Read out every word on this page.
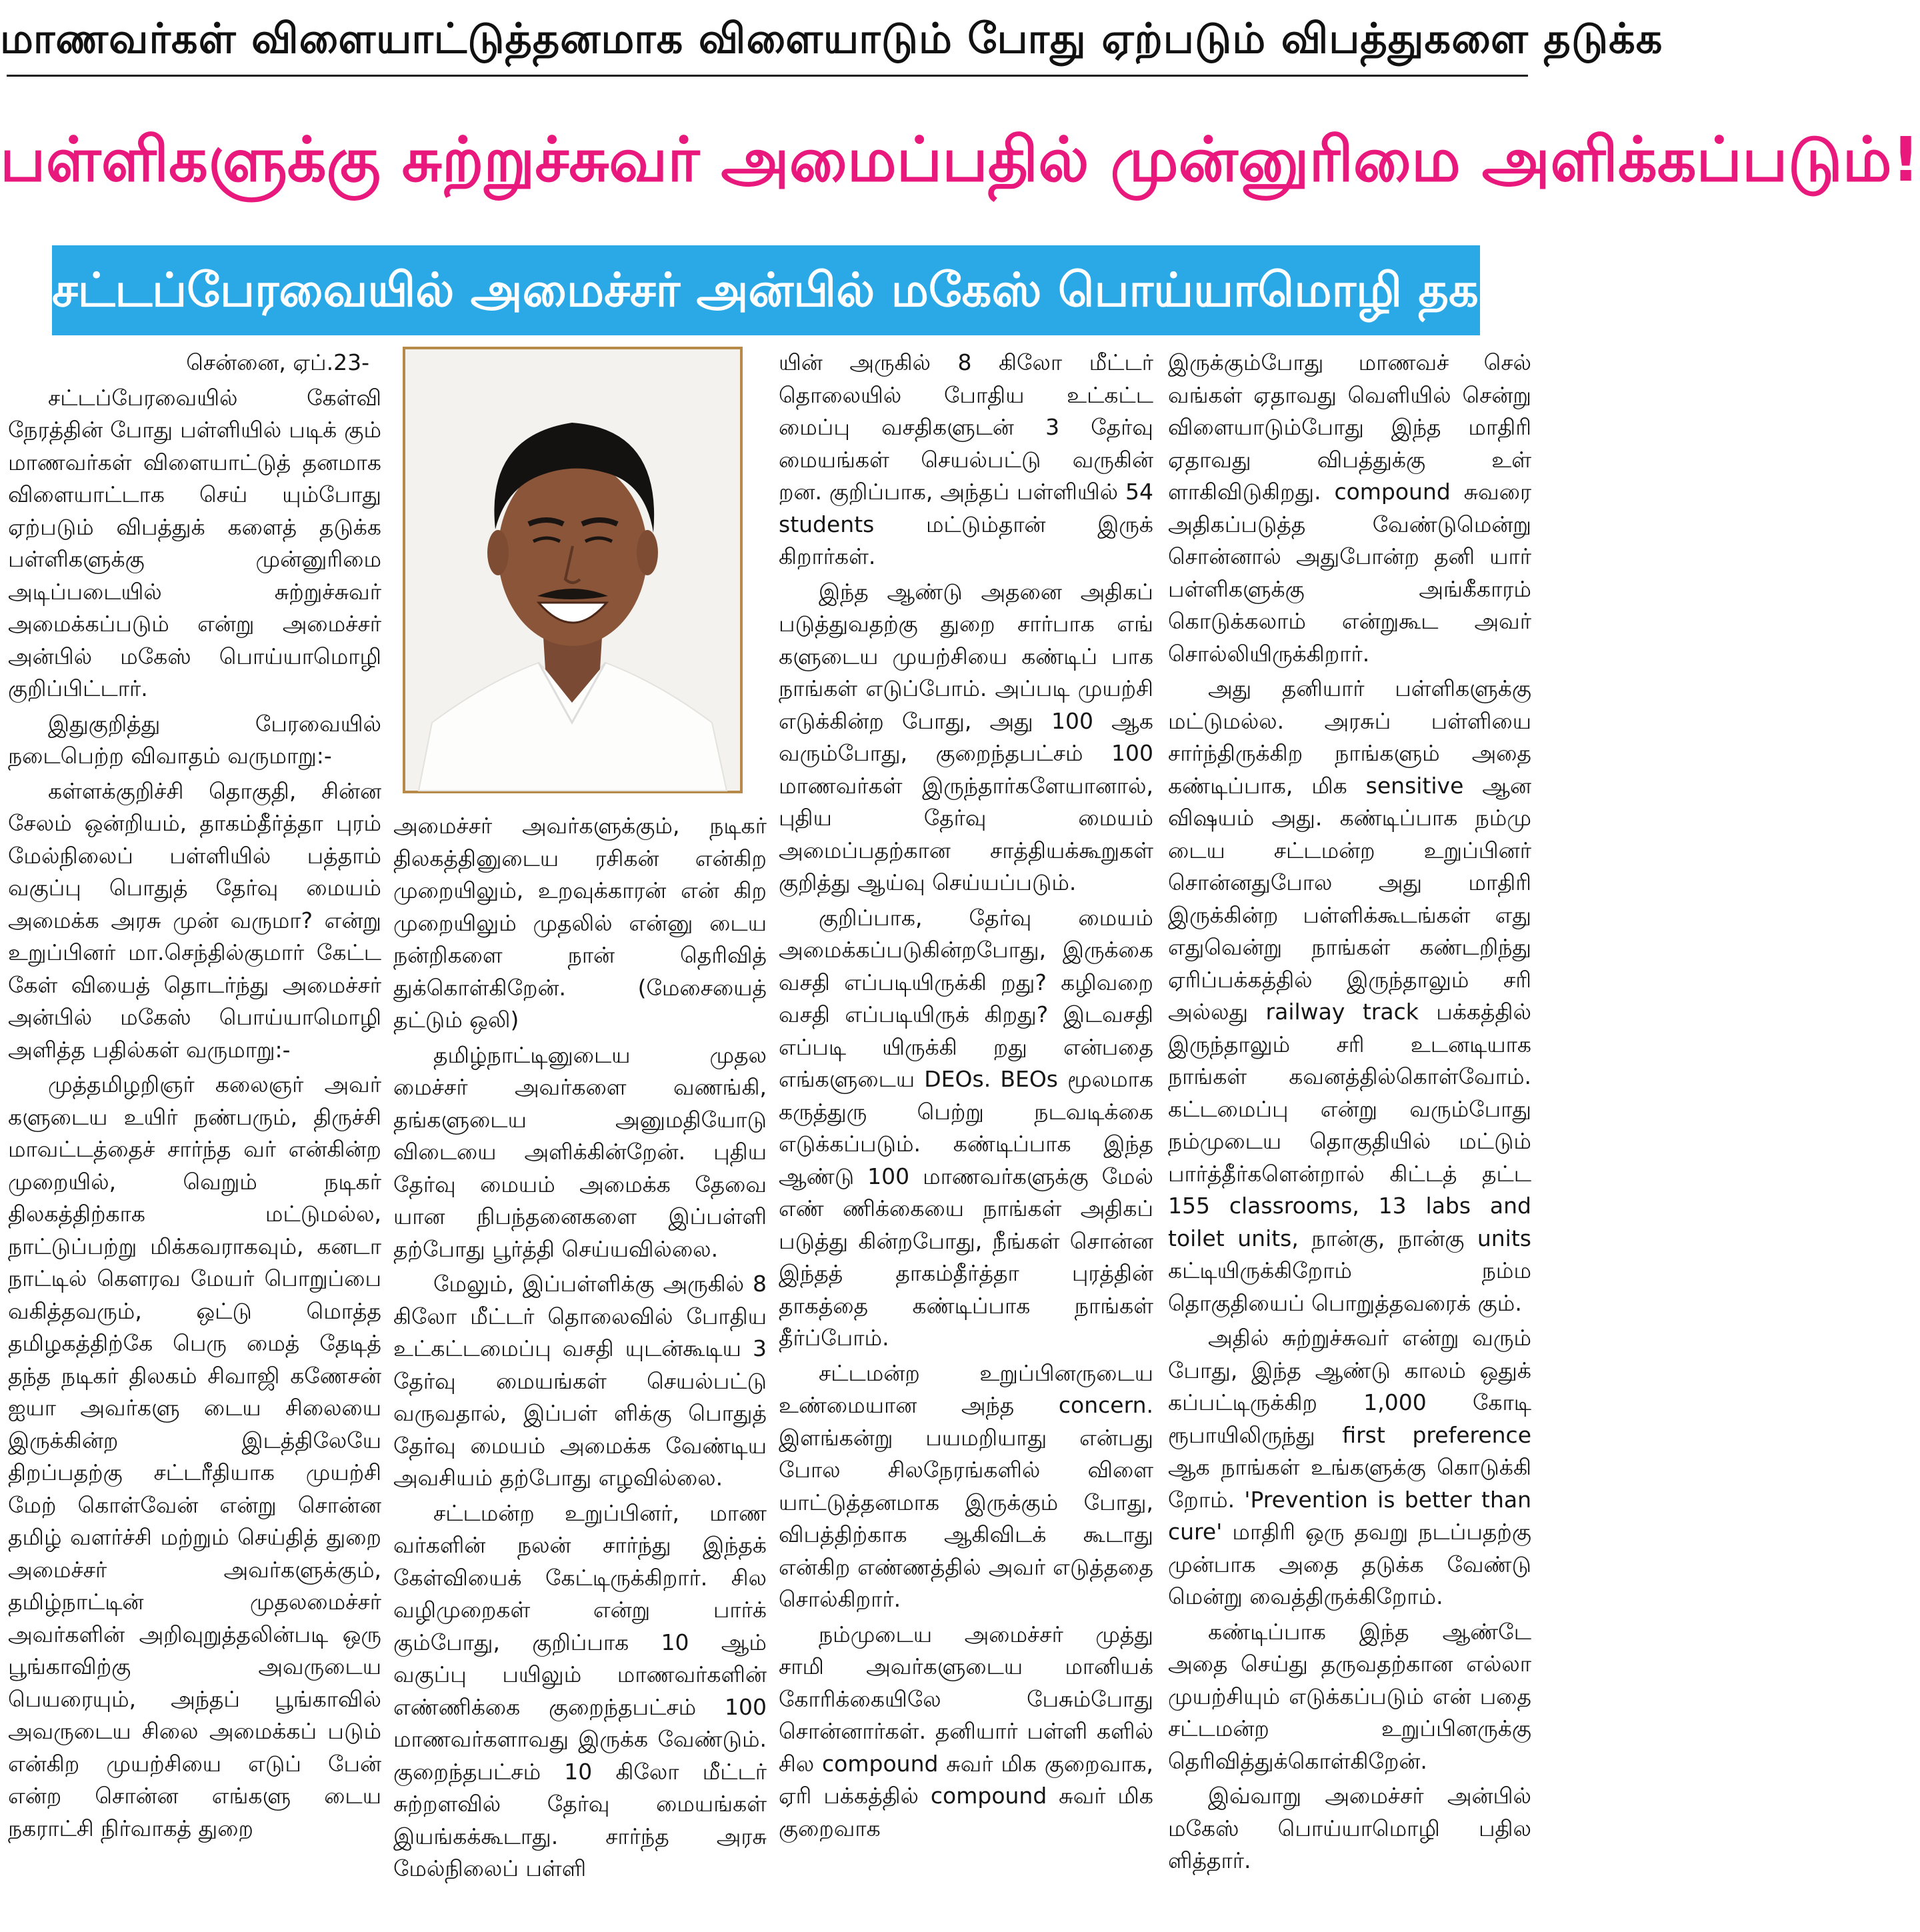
மாணவர்கள் விளையாட்டுத்தனமாக விளையாடும் போது ஏற்படும் விபத்துகளை தடுக்க
பள்ளிகளுக்கு சுற்றுச்சுவர் அமைப்பதில் முன்னுரிமை அளிக்கப்படும்!
சட்டப்பேரவையில் அமைச்சர் அன்பில் மகேஸ் பொய்யாமொழி தகவல்!

சென்னை, ஏப்.23-

சட்டப்பேரவையில் கேள்வி நேரத்தின் போது பள்ளியில் படிக் கும் மாணவர்கள் விளையாட்டுத் தனமாக விளையாட்டாக செய் யும்போது ஏற்படும் விபத்துக் களைத் தடுக்க பள்ளிகளுக்கு முன்னுரிமை அடிப்படையில் சுற்றுச்சுவர் அமைக்கப்படும் என்று அமைச்சர் அன்பில் மகேஸ் பொய்யாமொழி குறிப்பிட்டார்.

இதுகுறித்து பேரவையில் நடைபெற்ற விவாதம் வருமாறு:-

கள்ளக்குறிச்சி தொகுதி, சின்ன சேலம் ஒன்றியம், தாகம்தீர்த்தா புரம் மேல்நிலைப் பள்ளியில் பத்தாம் வகுப்பு பொதுத் தேர்வு மையம் அமைக்க அரசு முன் வருமா? என்று உறுப்பினர் மா.செந்தில்குமார் கேட்ட கேள் வியைத் தொடர்ந்து அமைச்சர் அன்பில் மகேஸ் பொய்யாமொழி அளித்த பதில்கள் வருமாறு:-

முத்தமிழறிஞர் கலைஞர் அவர் களுடைய உயிர் நண்பரும், திருச்சி மாவட்டத்தைச் சார்ந்த வர் என்கின்ற முறையில், வெறும் நடிகர் திலகத்திற்காக மட்டுமல்ல, நாட்டுப்பற்று மிக்கவராகவும், கனடா நாட்டில் கௌரவ மேயர் பொறுப்பை வகித்தவரும், ஒட்டு மொத்த தமிழகத்திற்கே பெரு மைத் தேடித் தந்த நடிகர் திலகம் சிவாஜி கணேசன் ஐயா அவர்களு டைய சிலையை இருக்கின்ற இடத்திலேயே திறப்பதற்கு சட்டரீதியாக முயற்சி மேற் கொள்வேன் என்று சொன்ன தமிழ் வளர்ச்சி மற்றும் செய்தித் துறை அமைச்சர் அவர்களுக்கும், தமிழ்நாட்டின் முதலமைச்சர் அவர்களின் அறிவுறுத்தலின்படி ஒரு பூங்காவிற்கு அவருடைய பெயரையும், அந்தப் பூங்காவில் அவருடைய சிலை அமைக்கப் படும் என்கிற முயற்சியை எடுப் பேன் என்ற சொன்ன எங்களு டைய நகராட்சி நிர்வாகத் துறை

அமைச்சர் அவர்களுக்கும், நடிகர் திலகத்தினுடைய ரசிகன் என்கிற முறையிலும், உறவுக்காரன் என் கிற முறையிலும் முதலில் என்னு டைய நன்றிகளை நான் தெரிவித் துக்கொள்கிறேன். (மேசையைத் தட்டும் ஒலி)

தமிழ்நாட்டினுடைய முதல மைச்சர் அவர்களை வணங்கி, தங்களுடைய அனுமதியோடு விடையை அளிக்கின்றேன். புதிய தேர்வு மையம் அமைக்க தேவை யான நிபந்தனைகளை இப்பள்ளி தற்போது பூர்த்தி செய்யவில்லை.

மேலும், இப்பள்ளிக்கு அருகில் 8 கிலோ மீட்டர் தொலைவில் போதிய உட்கட்டமைப்பு வசதி யுடன்கூடிய 3 தேர்வு மையங்கள் செயல்பட்டு வருவதால், இப்பள் ளிக்கு பொதுத் தேர்வு மையம் அமைக்க வேண்டிய அவசியம் தற்போது எழவில்லை.

சட்டமன்ற உறுப்பினர், மாண வர்களின் நலன் சார்ந்து இந்தக் கேள்வியைக் கேட்டிருக்கிறார். சில வழிமுறைகள் என்று பார்க் கும்போது, குறிப்பாக 10 ஆம் வகுப்பு பயிலும் மாணவர்களின் எண்ணிக்கை குறைந்தபட்சம் 100 மாணவர்களாவது இருக்க வேண்டும். குறைந்தபட்சம் 10 கிலோ மீட்டர் சுற்றளவில் தேர்வு மையங்கள் இயங்கக்கூடாது. சார்ந்த அரசு மேல்நிலைப் பள்ளி

யின் அருகில் 8 கிலோ மீட்டர் தொலையில் போதிய உட்கட்ட மைப்பு வசதிகளுடன் 3 தேர்வு மையங்கள் செயல்பட்டு வருகின் றன. குறிப்பாக, அந்தப் பள்ளியில் 54 students மட்டும்தான் இருக் கிறார்கள்.

இந்த ஆண்டு அதனை அதிகப் படுத்துவதற்கு துறை சார்பாக எங் களுடைய முயற்சியை கண்டிப் பாக நாங்கள் எடுப்போம். அப்படி முயற்சி எடுக்கின்ற போது, அது 100 ஆக வரும்போது, குறைந்தபட்சம் 100 மாணவர்கள் இருந்தார்களேயானால், புதிய தேர்வு மையம் அமைப்பதற்கான சாத்தியக்கூறுகள் குறித்து ஆய்வு செய்யப்படும்.

குறிப்பாக, தேர்வு மையம் அமைக்கப்படுகின்றபோது, இருக்கை வசதி எப்படியிருக்கி றது? கழிவறை வசதி எப்படியிருக் கிறது? இடவசதி எப்படி யிருக்கி றது என்பதை எங்களுடைய DEOs. BEOs மூலமாக கருத்துரு பெற்று நடவடிக்கை எடுக்கப்படும். கண்டிப்பாக இந்த ஆண்டு 100 மாணவர்களுக்கு மேல் எண் ணிக்கையை நாங்கள் அதிகப் படுத்து கின்றபோது, நீங்கள் சொன்ன இந்தத் தாகம்தீர்த்தா புரத்தின் தாகத்தை கண்டிப்பாக நாங்கள் தீர்ப்போம்.

சட்டமன்ற உறுப்பினருடைய உண்மையான அந்த concern. இளங்கன்று பயமறியாது என்பது போல சிலநேரங்களில் விளை யாட்டுத்தனமாக இருக்கும் போது, விபத்திற்காக ஆகிவிடக் கூடாது என்கிற எண்ணத்தில் அவர் எடுத்ததை சொல்கிறார்.

நம்முடைய அமைச்சர் முத்து சாமி அவர்களுடைய மானியக் கோரிக்கையிலே பேசும்போது சொன்னார்கள். தனியார் பள்ளி களில் சில compound சுவர் மிக குறைவாக, ஏரி பக்கத்தில் compound சுவர் மிக குறைவாக

இருக்கும்போது மாணவச் செல் வங்கள் ஏதாவது வெளியில் சென்று விளையாடும்போது இந்த மாதிரி ஏதாவது விபத்துக்கு உள் ளாகிவிடுகிறது. compound சுவரை அதிகப்படுத்த வேண்டுமென்று சொன்னால் அதுபோன்ற தனி யார் பள்ளிகளுக்கு அங்கீகாரம் கொடுக்கலாம் என்றுகூட அவர் சொல்லியிருக்கிறார்.

அது தனியார் பள்ளிகளுக்கு மட்டுமல்ல. அரசுப் பள்ளியை சார்ந்திருக்கிற நாங்களும் அதை கண்டிப்பாக, மிக sensitive ஆன விஷயம் அது. கண்டிப்பாக நம்மு டைய சட்டமன்ற உறுப்பினர் சொன்னதுபோல அது மாதிரி இருக்கின்ற பள்ளிக்கூடங்கள் எது எதுவென்று நாங்கள் கண்டறிந்து ஏரிப்பக்கத்தில் இருந்தாலும் சரி அல்லது railway track பக்கத்தில் இருந்தாலும் சரி உடனடியாக நாங்கள் கவனத்தில்கொள்வோம். கட்டமைப்பு என்று வரும்போது நம்முடைய தொகுதியில் மட்டும் பார்த்தீர்களென்றால் கிட்டத் தட்ட 155 classrooms, 13 labs and toilet units, நான்கு, நான்கு units கட்டியிருக்கிறோம் நம்ம தொகுதியைப் பொறுத்தவரைக் கும்.

அதில் சுற்றுச்சுவர் என்று வரும் போது, இந்த ஆண்டு காலம் ஒதுக் கப்பட்டிருக்கிற 1,000 கோடி ரூபாயிலிருந்து first preference ஆக நாங்கள் உங்களுக்கு கொடுக்கி றோம். 'Prevention is better than cure' மாதிரி ஒரு தவறு நடப்பதற்கு முன்பாக அதை தடுக்க வேண்டு மென்று வைத்திருக்கிறோம்.

கண்டிப்பாக இந்த ஆண்டே அதை செய்து தருவதற்கான எல்லா முயற்சியும் எடுக்கப்படும் என் பதை சட்டமன்ற உறுப்பினருக்கு தெரிவித்துக்கொள்கிறேன்.

இவ்வாறு அமைச்சர் அன்பில் மகேஸ் பொய்யாமொழி பதில ளித்தார்.
